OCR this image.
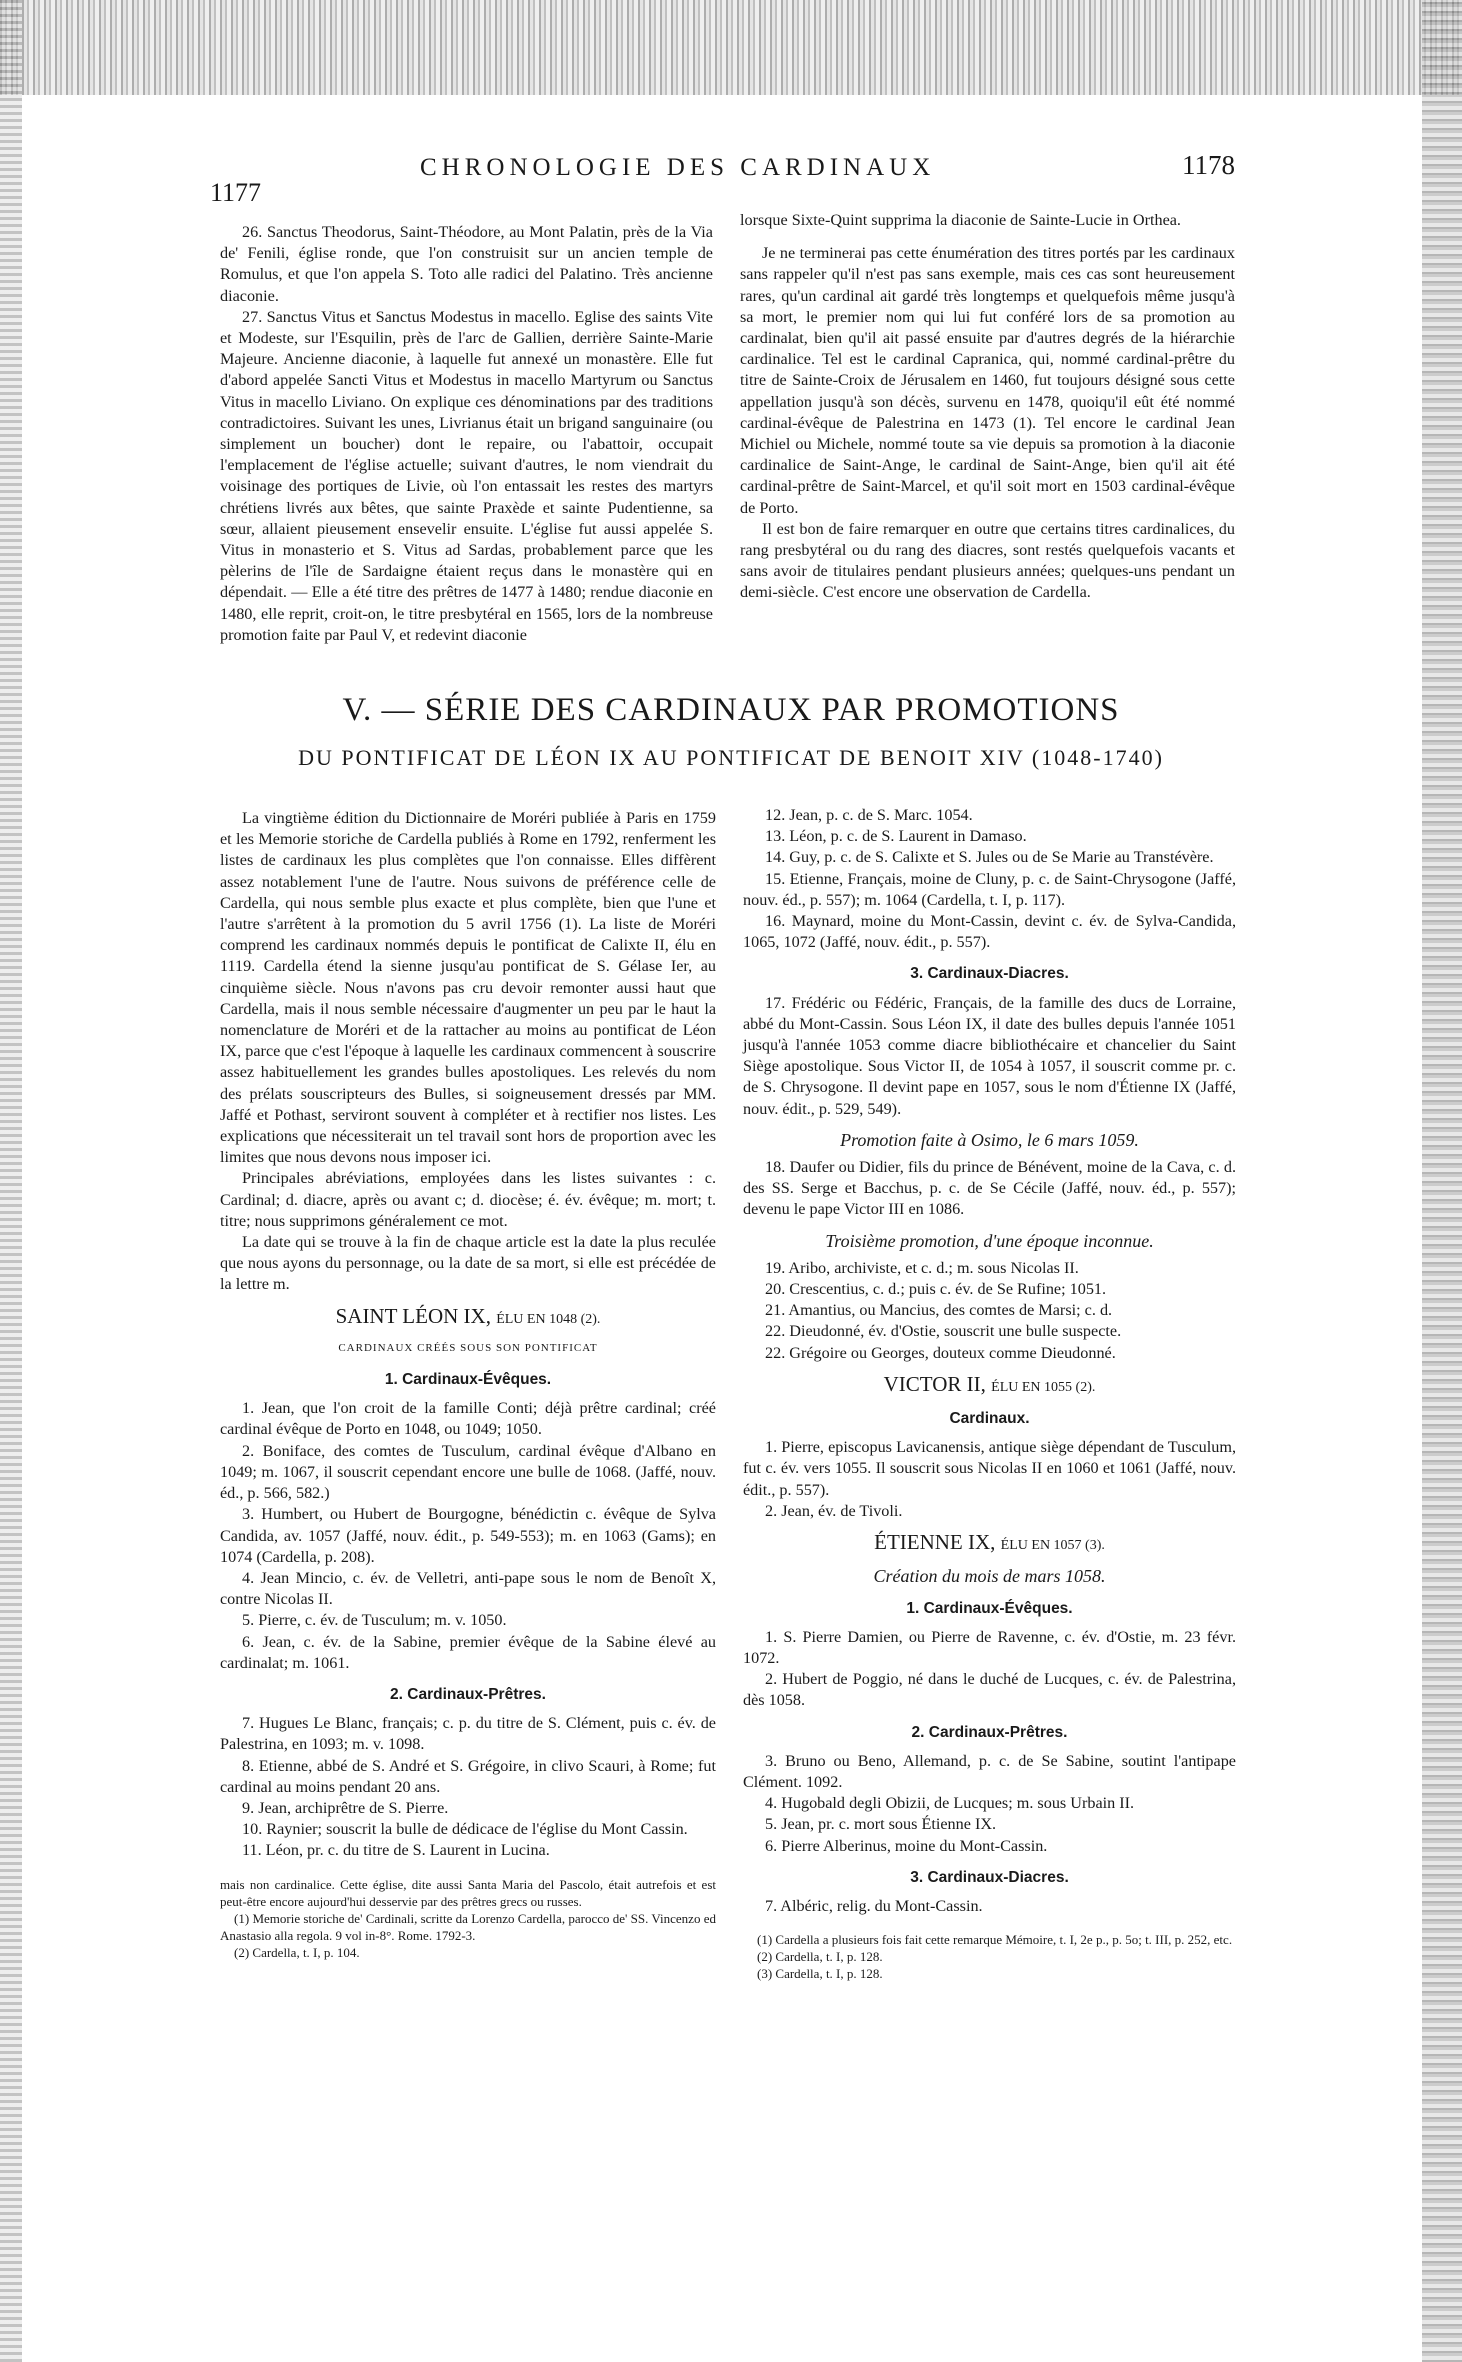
1177
CHRONOLOGIE DES CARDINAUX	1178

26. Sanctus Theodorus, Saint-Théodore, au Mont Palatin, près de la Via de' Fenili, église ronde, que l'on construisit sur un ancien temple de Romulus, et que l'on appela S. Toto alle radici del Palatino. Très ancienne diaconie.

27. Sanctus Vitus et Sanctus Modestus in macello. Eglise des saints Vite et Modeste, sur l'Esquilin, près de l'arc de Gallien, derrière Sainte-Marie Majeure. Ancienne diaconie, à laquelle fut annexé un monastère. Elle fut d'abord appelée Sancti Vitus et Modestus in macello Martyrum ou Sanctus Vitus in macello Liviano. On explique ces dénominations par des traditions contradictoires. Suivant les unes, Livrianus était un brigand sanguinaire (ou simplement un boucher) dont le repaire, ou l'abattoir, occupait l'emplacement de l'église actuelle; suivant d'autres, le nom viendrait du voisinage des portiques de Livie, où l'on entassait les restes des martyrs chrétiens livrés aux bêtes, que sainte Praxède et sainte Pudentienne, sa sœur, allaient pieusement ensevelir ensuite. L'église fut aussi appelée S. Vitus in monasterio et S. Vitus ad Sardas, probablement parce que les pèlerins de l'île de Sardaigne étaient reçus dans le monastère qui en dépendait. — Elle a été titre des prêtres de 1477 à 1480; rendue diaconie en 1480, elle reprit, croit-on, le titre presbytéral en 1565, lors de la nombreuse promotion faite par Paul V, et redevint diaconie

lorsque Sixte-Quint supprima la diaconie de Sainte-Lucie in Orthea.

Je ne terminerai pas cette énumération des titres portés par les cardinaux sans rappeler qu'il n'est pas sans exemple, mais ces cas sont heureusement rares, qu'un cardinal ait gardé très longtemps et quelquefois même jusqu'à sa mort, le premier nom qui lui fut conféré lors de sa promotion au cardinalat, bien qu'il ait passé ensuite par d'autres degrés de la hiérarchie cardinalice. Tel est le cardinal Capranica, qui, nommé cardinal-prêtre du titre de Sainte-Croix de Jérusalem en 1460, fut toujours désigné sous cette appellation jusqu'à son décès, survenu en 1478, quoiqu'il eût été nommé cardinal-évêque de Palestrina en 1473 (1). Tel encore le cardinal Jean Michiel ou Michele, nommé toute sa vie depuis sa promotion à la diaconie cardinalice de Saint-Ange, le cardinal de Saint-Ange, bien qu'il ait été cardinal-prêtre de Saint-Marcel, et qu'il soit mort en 1503 cardinal-évêque de Porto.

Il est bon de faire remarquer en outre que certains titres cardinalices, du rang presbytéral ou du rang des diacres, sont restés quelquefois vacants et sans avoir de titulaires pendant plusieurs années; quelques-uns pendant un demi-siècle. C'est encore une observation de Cardella.

V. — SÉRIE DES CARDINAUX PAR PROMOTIONS
DU PONTIFICAT DE LÉON IX AU PONTIFICAT DE BENOIT XIV (1048-1740)

La vingtième édition du Dictionnaire de Moréri publiée à Paris en 1759 et les Memorie storiche de Cardella publiés à Rome en 1792, renferment les listes de cardinaux les plus complètes que l'on connaisse. Elles diffèrent assez notablement l'une de l'autre. Nous suivons de préférence celle de Cardella, qui nous semble plus exacte et plus complète, bien que l'une et l'autre s'arrêtent à la promotion du 5 avril 1756 (1). La liste de Moréri comprend les cardinaux nommés depuis le pontificat de Calixte II, élu en 1119. Cardella étend la sienne jusqu'au pontificat de S. Gélase Ier, au cinquième siècle. Nous n'avons pas cru devoir remonter aussi haut que Cardella, mais il nous semble nécessaire d'augmenter un peu par le haut la nomenclature de Moréri et de la rattacher au moins au pontificat de Léon IX, parce que c'est l'époque à laquelle les cardinaux commencent à souscrire assez habituellement les grandes bulles apostoliques. Les relevés du nom des prélats souscripteurs des Bulles, si soigneusement dressés par MM. Jaffé et Pothast, serviront souvent à compléter et à rectifier nos listes. Les explications que nécessiterait un tel travail sont hors de proportion avec les limites que nous devons nous imposer ici.

Principales abréviations, employées dans les listes suivantes : c. Cardinal; d. diacre, après ou avant c; d. diocèse; é. év. évêque; m. mort; t. titre; nous supprimons généralement ce mot.

La date qui se trouve à la fin de chaque article est la date la plus reculée que nous ayons du personnage, ou la date de sa mort, si elle est précédée de la lettre m.

SAINT LÉON IX, ÉLU EN 1048 (2).
CARDINAUX CRÉÉS SOUS SON PONTIFICAT
1. Cardinaux-Évêques.

1. Jean, que l'on croit de la famille Conti; déjà prêtre cardinal; créé cardinal évêque de Porto en 1048, ou 1049; 1050.

2. Boniface, des comtes de Tusculum, cardinal évêque d'Albano en 1049; m. 1067, il souscrit cependant encore une bulle de 1068. (Jaffé, nouv. éd., p. 566, 582.)

3. Humbert, ou Hubert de Bourgogne, bénédictin c. évêque de Sylva Candida, av. 1057 (Jaffé, nouv. édit., p. 549-553); m. en 1063 (Gams); en 1074 (Cardella, p. 208).

4. Jean Mincio, c. év. de Velletri, anti-pape sous le nom de Benoît X, contre Nicolas II.

5. Pierre, c. év. de Tusculum; m. v. 1050.

6. Jean, c. év. de la Sabine, premier évêque de la Sabine élevé au cardinalat; m. 1061.

2. Cardinaux-Prêtres.

7. Hugues Le Blanc, français; c. p. du titre de S. Clément, puis c. év. de Palestrina, en 1093; m. v. 1098.

8. Etienne, abbé de S. André et S. Grégoire, in clivo Scauri, à Rome; fut cardinal au moins pendant 20 ans.

9. Jean, archiprêtre de S. Pierre.

10. Raynier; souscrit la bulle de dédicace de l'église du Mont Cassin.

11. Léon, pr. c. du titre de S. Laurent in Lucina.

mais non cardinalice. Cette église, dite aussi Santa Maria del Pascolo, était autrefois et est peut-être encore aujourd'hui desservie par des prêtres grecs ou russes.

(1) Memorie storiche de' Cardinali, scritte da Lorenzo Cardella, parocco de' SS. Vincenzo ed Anastasio alla regola. 9 vol in-8°. Rome. 1792-3.

(2) Cardella, t. I, p. 104.

12. Jean, p. c. de S. Marc. 1054.

13. Léon, p. c. de S. Laurent in Damaso.

14. Guy, p. c. de S. Calixte et S. Jules ou de Se Marie au Transtévère.

15. Etienne, Français, moine de Cluny, p. c. de Saint-Chrysogone (Jaffé, nouv. éd., p. 557); m. 1064 (Cardella, t. I, p. 117).

16. Maynard, moine du Mont-Cassin, devint c. év. de Sylva-Candida, 1065, 1072 (Jaffé, nouv. édit., p. 557).

3. Cardinaux-Diacres.

17. Frédéric ou Fédéric, Français, de la famille des ducs de Lorraine, abbé du Mont-Cassin. Sous Léon IX, il date des bulles depuis l'année 1051 jusqu'à l'année 1053 comme diacre bibliothécaire et chancelier du Saint Siège apostolique. Sous Victor II, de 1054 à 1057, il souscrit comme pr. c. de S. Chrysogone. Il devint pape en 1057, sous le nom d'Étienne IX (Jaffé, nouv. édit., p. 529, 549).

Promotion faite à Osimo, le 6 mars 1059.

18. Daufer ou Didier, fils du prince de Bénévent, moine de la Cava, c. d. des SS. Serge et Bacchus, p. c. de Se Cécile (Jaffé, nouv. éd., p. 557); devenu le pape Victor III en 1086.

Troisième promotion, d'une époque inconnue.

19. Aribo, archiviste, et c. d.; m. sous Nicolas II.

20. Crescentius, c. d.; puis c. év. de Se Rufine; 1051.

21. Amantius, ou Mancius, des comtes de Marsi; c. d.

22. Dieudonné, év. d'Ostie, souscrit une bulle suspecte.

22. Grégoire ou Georges, douteux comme Dieudonné.

VICTOR II, ÉLU EN 1055 (2).
Cardinaux.

1. Pierre, episcopus Lavicanensis, antique siège dépendant de Tusculum, fut c. év. vers 1055. Il souscrit sous Nicolas II en 1060 et 1061 (Jaffé, nouv. édit., p. 557).

2. Jean, év. de Tivoli.

ÉTIENNE IX, ÉLU EN 1057 (3).
Création du mois de mars 1058.
1. Cardinaux-Évêques.

1. S. Pierre Damien, ou Pierre de Ravenne, c. év. d'Ostie, m. 23 févr. 1072.

2. Hubert de Poggio, né dans le duché de Lucques, c. év. de Palestrina, dès 1058.

2. Cardinaux-Prêtres.

3. Bruno ou Beno, Allemand, p. c. de Se Sabine, soutint l'antipape Clément. 1092.

4. Hugobald degli Obizii, de Lucques; m. sous Urbain II.

5. Jean, pr. c. mort sous Étienne IX.

6. Pierre Alberinus, moine du Mont-Cassin.

3. Cardinaux-Diacres.

7. Albéric, relig. du Mont-Cassin.

(1) Cardella a plusieurs fois fait cette remarque Mémoire, t. I, 2e p., p. 5o; t. III, p. 252, etc.

(2) Cardella, t. I, p. 128.

(3) Cardella, t. I, p. 128.
